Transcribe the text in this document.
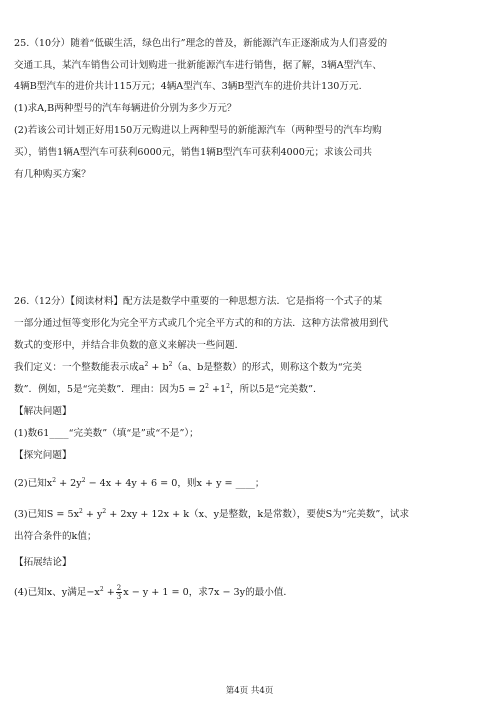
25.（10分）随着“低碳生活，绿色出行”理念的普及，新能源汽车正逐渐成为人们喜爱的
交通工具，某汽车销售公司计划购进一批新能源汽车进行销售，据了解，3辆A型汽车、
4辆B型汽车的进价共计115万元；4辆A型汽车、3辆B型汽车的进价共计130万元.
(1)求A,B两种型号的汽车每辆进价分别为多少万元？
(2)若该公司计划正好用150万元购进以上两种型号的新能源汽车（两种型号的汽车均购
买），销售1辆A型汽车可获利6000元，销售1辆B型汽车可获利4000元；求该公司共
有几种购买方案？
26.（12分）【阅读材料】配方法是数学中重要的一种思想方法．它是指将一个式子的某
一部分通过恒等变形化为完全平方式或几个完全平方式的和的方法．这种方法常被用到代
数式的变形中，并结合非负数的意义来解决一些问题．
我们定义：一个整数能表示成$a^2 + b^2(a$、b是整数）的形式，则称这个数为“完美
数”．例如，5是“完美数”．理由：因为$5 = 2^2 +1^2$，所以5是“完美数”．
【解决问题】
(1)数61____“完美数”（填“是”或“不是”）；
【探究问题】
(2)已知$x^2 + 2y^2 - 4x + 4y + 6 = 0$，则x + y = ____；
(3)已知$S = 5x^2 + y^2 + 2xy + 12x + k(x$、y是整数，k是常数），要使S为“完美数”，试求
出符合条件的k值；
【拓展结论】
(4)已知x、y满足$-x^2 + \frac{2}{3}$ x − y + 1 = 0，求7x − 3y的最小值．
第4页 共4页
